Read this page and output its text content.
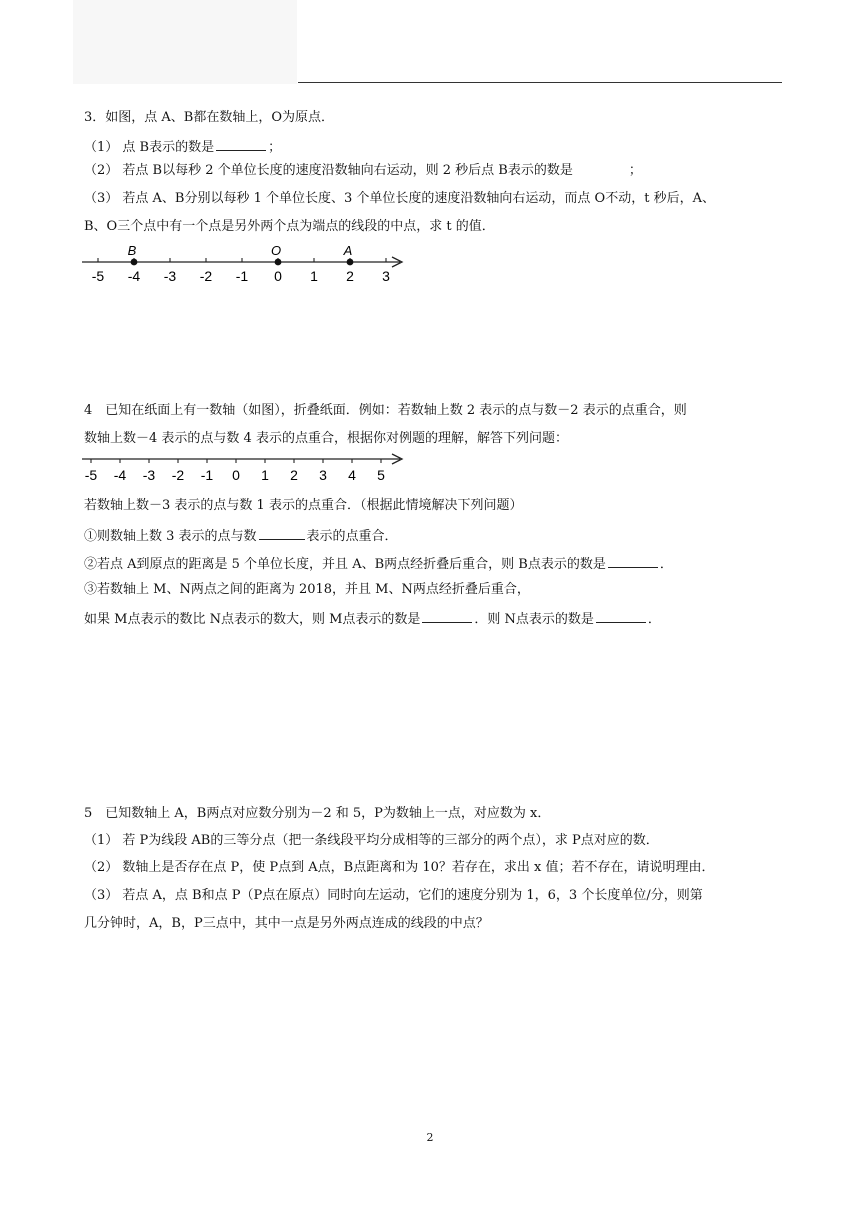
3．如图，点 A、B都在数轴上，O为原点．
（1） 点 B表示的数是	；
（2） 若点 B以每秒 2 个单位长度的速度沿数轴向右运动，则 2 秒后点 B表示的数是	；
（3） 若点 A、B分别以每秒 1 个单位长度、3 个单位长度的速度沿数轴向右运动，而点 O不动，t 秒后，A、
B、O三个点中有一个点是另外两个点为端点的线段的中点，求 t 的值．
-5 -4 -3 -2 -1 0 1 2 3
B	O	A
4　已知在纸面上有一数轴（如图），折叠纸面．例如：若数轴上数 2 表示的点与数－2 表示的点重合，则
数轴上数－4 表示的点与数 4 表示的点重合，根据你对例题的理解，解答下列问题：
-5 -4 -3 -2 -1 0 1 2 3 4 5
若数轴上数－3 表示的点与数 1 表示的点重合．（根据此情境解决下列问题）
①则数轴上数 3 表示的点与数	表示的点重合．
②若点 A到原点的距离是 5 个单位长度，并且 A、B两点经折叠后重合，则 B点表示的数是	．
③若数轴上 M、N两点之间的距离为 2018，并且 M、N两点经折叠后重合，
如果 M点表示的数比 N点表示的数大，则 M点表示的数是	．则 N点表示的数是	．
5　已知数轴上 A，B两点对应数分别为－2 和 5，P为数轴上一点，对应数为 x．
（1） 若 P为线段 AB的三等分点（把一条线段平均分成相等的三部分的两个点），求 P点对应的数．
（2） 数轴上是否存在点 P，使 P点到 A点，B点距离和为 10？若存在，求出 x 值；若不存在，请说明理由．
（3） 若点 A，点 B和点 P（P点在原点）同时向左运动，它们的速度分别为 1，6，3 个长度单位/分，则第
几分钟时，A，B，P三点中，其中一点是另外两点连成的线段的中点？
2
